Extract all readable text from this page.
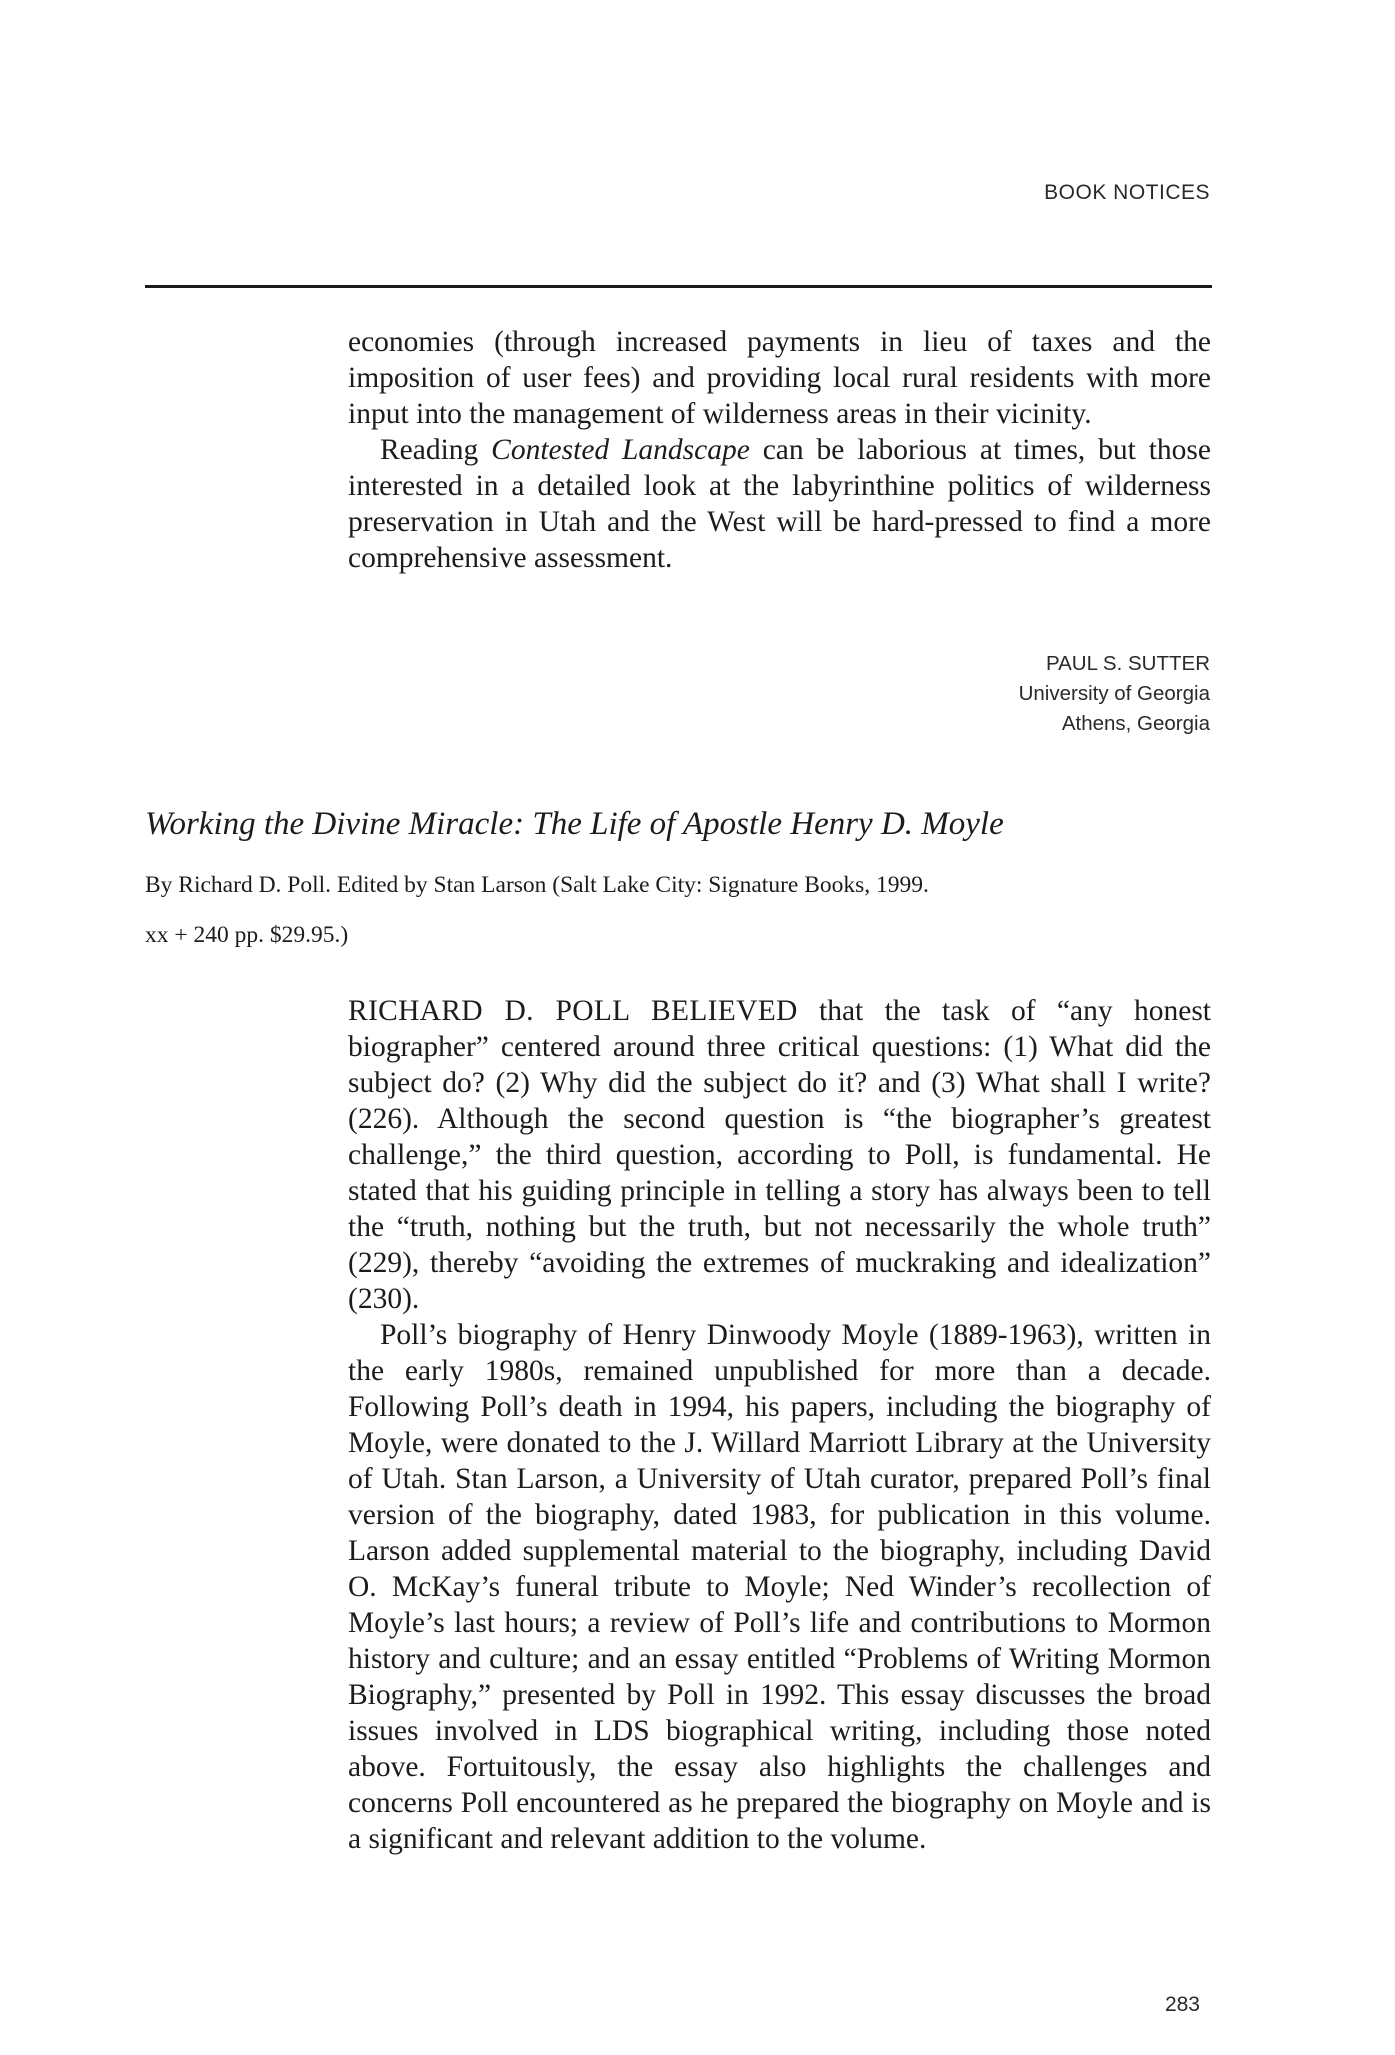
BOOK NOTICES

economies (through increased payments in lieu of taxes and the imposition of user fees) and providing local rural residents with more input into the management of wilderness areas in their vicinity.

Reading Contested Landscape can be laborious at times, but those interested in a detailed look at the labyrinthine politics of wilderness preservation in Utah and the West will be hard-pressed to find a more comprehensive assessment.

PAUL S. SUTTER
University of Georgia
Athens, Georgia
Working the Divine Miracle: The Life of Apostle Henry D. Moyle
By Richard D. Poll. Edited by Stan Larson (Salt Lake City: Signature Books, 1999.
xx + 240 pp. $29.95.)

RICHARD D. POLL BELIEVED that the task of “any honest biographer” centered around three critical questions: (1) What did the subject do? (2) Why did the subject do it? and (3) What shall I write? (226). Although the second question is “the biographer’s greatest challenge,” the third question, according to Poll, is fundamental. He stated that his guiding principle in telling a story has always been to tell the “truth, nothing but the truth, but not necessarily the whole truth” (229), thereby “avoiding the extremes of muckraking and idealization” (230).

Poll’s biography of Henry Dinwoody Moyle (1889-1963), written in the early 1980s, remained unpublished for more than a decade. Following Poll’s death in 1994, his papers, including the biography of Moyle, were donated to the J. Willard Marriott Library at the University of Utah. Stan Larson, a University of Utah curator, prepared Poll’s final version of the biography, dated 1983, for publication in this volume. Larson added supplemental material to the biography, including David O. McKay’s funeral tribute to Moyle; Ned Winder’s recollection of Moyle’s last hours; a review of Poll’s life and contributions to Mormon history and culture; and an essay entitled “Problems of Writing Mormon Biography,” presented by Poll in 1992. This essay discusses the broad issues involved in LDS biographical writing, including those noted above. Fortuitously, the essay also highlights the challenges and concerns Poll encountered as he prepared the biography on Moyle and is a significant and relevant addition to the volume.

283
